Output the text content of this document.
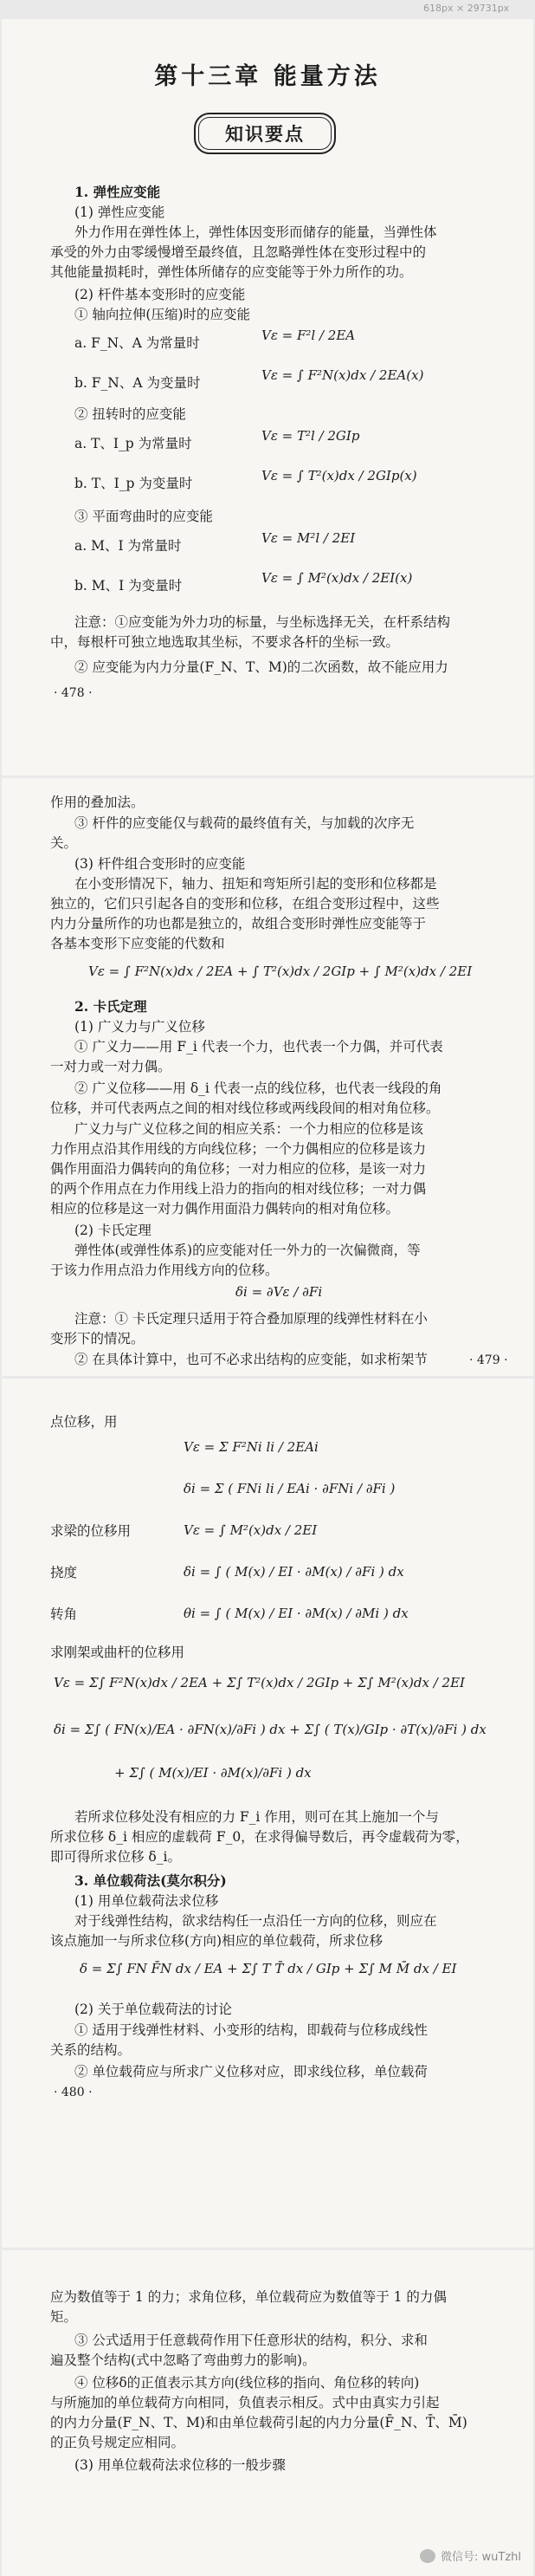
618px × 29731px
第十三章 能量方法
知识要点
1. 弹性应变能
(1) 弹性应变能
外力作用在弹性体上，弹性体因变形而储存的能量，当弹性体
承受的外力由零缓慢增至最终值，且忽略弹性体在变形过程中的
其他能量损耗时，弹性体所储存的应变能等于外力所作的功。
(2) 杆件基本变形时的应变能
① 轴向拉伸(压缩)时的应变能
a. F_N、A 为常量时	Vε = F²l / 2EA
b. F_N、A 为变量时	Vε = ∫ F²N(x)dx / 2EA(x)
② 扭转时的应变能
a. T、I_p 为常量时	Vε = T²l / 2GIp
b. T、I_p 为变量时	Vε = ∫ T²(x)dx / 2GIp(x)
③ 平面弯曲时的应变能
a. M、I 为常量时	Vε = M²l / 2EI
b. M、I 为变量时	Vε = ∫ M²(x)dx / 2EI(x)
注意：①应变能为外力功的标量，与坐标选择无关，在杆系结构
中，每根杆可独立地选取其坐标，不要求各杆的坐标一致。
② 应变能为内力分量(F_N、T、M)的二次函数，故不能应用力
· 478 ·
作用的叠加法。
③ 杆件的应变能仅与载荷的最终值有关，与加载的次序无
关。
(3) 杆件组合变形时的应变能
在小变形情况下，轴力、扭矩和弯矩所引起的变形和位移都是
独立的，它们只引起各自的变形和位移，在组合变形过程中，这些
内力分量所作的功也都是独立的，故组合变形时弹性应变能等于
各基本变形下应变能的代数和
Vε = ∫ F²N(x)dx / 2EA + ∫ T²(x)dx / 2GIp + ∫ M²(x)dx / 2EI
2. 卡氏定理
(1) 广义力与广义位移
① 广义力——用 F_i 代表一个力，也代表一个力偶，并可代表
一对力或一对力偶。
② 广义位移——用 δ_i 代表一点的线位移，也代表一线段的角
位移，并可代表两点之间的相对线位移或两线段间的相对角位移。
广义力与广义位移之间的相应关系：一个力相应的位移是该
力作用点沿其作用线的方向线位移；一个力偶相应的位移是该力
偶作用面沿力偶转向的角位移；一对力相应的位移，是该一对力
的两个作用点在力作用线上沿力的指向的相对线位移；一对力偶
相应的位移是这一对力偶作用面沿力偶转向的相对角位移。
(2) 卡氏定理
弹性体(或弹性体系)的应变能对任一外力的一次偏微商，等
于该力作用点沿力作用线方向的位移。
δi = ∂Vε / ∂Fi
注意：① 卡氏定理只适用于符合叠加原理的线弹性材料在小
变形下的情况。
② 在具体计算中，也可不必求出结构的应变能，如求桁架节	· 479 ·
点位移，用
Vε = Σ F²Ni li / 2EAi
δi = Σ ( FNi li / EAi · ∂FNi / ∂Fi )
求梁的位移用	Vε = ∫ M²(x)dx / 2EI
挠度	δi = ∫ ( M(x) / EI · ∂M(x) / ∂Fi ) dx
转角	θi = ∫ ( M(x) / EI · ∂M(x) / ∂Mi ) dx
求刚架或曲杆的位移用
Vε = Σ∫ F²N(x)dx / 2EA + Σ∫ T²(x)dx / 2GIp + Σ∫ M²(x)dx / 2EI
δi = Σ∫ ( FN(x)/EA · ∂FN(x)/∂Fi ) dx + Σ∫ ( T(x)/GIp · ∂T(x)/∂Fi ) dx
+ Σ∫ ( M(x)/EI · ∂M(x)/∂Fi ) dx
若所求位移处没有相应的力 F_i 作用，则可在其上施加一个与
所求位移 δ_i 相应的虚载荷 F_0，在求得偏导数后，再令虚载荷为零，
即可得所求位移 δ_i。
3. 单位载荷法(莫尔积分)
(1) 用单位载荷法求位移
对于线弹性结构，欲求结构任一点沿任一方向的位移，则应在
该点施加一与所求位移(方向)相应的单位载荷，所求位移
δ = Σ∫ FN F̄N dx / EA + Σ∫ T T̄ dx / GIp + Σ∫ M M̄ dx / EI
(2) 关于单位载荷法的讨论
① 适用于线弹性材料、小变形的结构，即载荷与位移成线性
关系的结构。
② 单位载荷应与所求广义位移对应，即求线位移，单位载荷
· 480 ·
应为数值等于 1 的力；求角位移，单位载荷应为数值等于 1 的力偶
矩。
③ 公式适用于任意载荷作用下任意形状的结构，积分、求和
遍及整个结构(式中忽略了弯曲剪力的影响)。
④ 位移δ的正值表示其方向(线位移的指向、角位移的转向)
与所施加的单位载荷方向相同，负值表示相反。式中由真实力引起
的内力分量(F_N、T、M)和由单位载荷引起的内力分量(F̄_N、T̄、M̄)
的正负号规定应相同。
(3) 用单位载荷法求位移的一般步骤
微信号: wuTzhl
